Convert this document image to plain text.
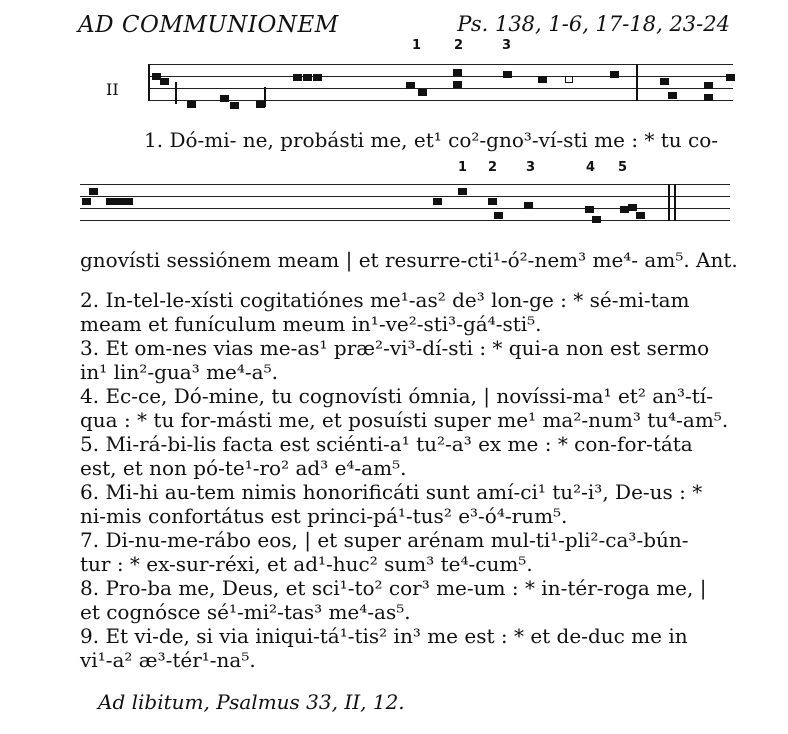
AD COMMUNIONEM	Ps. 138, 1-6, 17-18, 23-24
II
1	2	3
1. Dó-mi- ne, probásti me, et¹ co²-gno³-ví-sti me : * tu co-
1 2 3	4 5
gnovísti sessiónem meam | et resurre-cti¹-ó²-nem³ me⁴- am⁵. Ant.

2. In-tel-le-xísti cogitatiónes me¹-as² de³ lon-ge : * sé-mi-tam

meam et funículum meum in¹-ve²-sti³-gá⁴-sti⁵.

3. Et om-nes vias me-as¹ præ²-vi³-dí-sti : * qui-a non est sermo

in¹ lin²-gua³ me⁴-a⁵.

4. Ec-ce, Dó-mine, tu cognovísti ómnia, | novíssi-ma¹ et² an³-tí-

qua : * tu for-másti me, et posuísti super me¹ ma²-num³ tu⁴-am⁵.

5. Mi-rá-bi-lis facta est sciénti-a¹ tu²-a³ ex me : * con-for-táta

est, et non pó-te¹-ro² ad³ e⁴-am⁵.

6. Mi-hi au-tem nimis honorificáti sunt amí-ci¹ tu²-i³, De-us : *

ni-mis confortátus est princi-pá¹-tus² e³-ó⁴-rum⁵.

7. Di-nu-me-rábo eos, | et super arénam mul-ti¹-pli²-ca³-bún-

tur : * ex-sur-réxi, et ad¹-huc² sum³ te⁴-cum⁵.

8. Pro-ba me, Deus, et sci¹-to² cor³ me-um : * in-tér-roga me, |

et cognósce sé¹-mi²-tas³ me⁴-as⁵.

9. Et vi-de, si via iniqui-tá¹-tis² in³ me est : * et de-duc me in

vi¹-a² æ³-tér¹-na⁵.

Ad libitum, Psalmus 33, II, 12.
